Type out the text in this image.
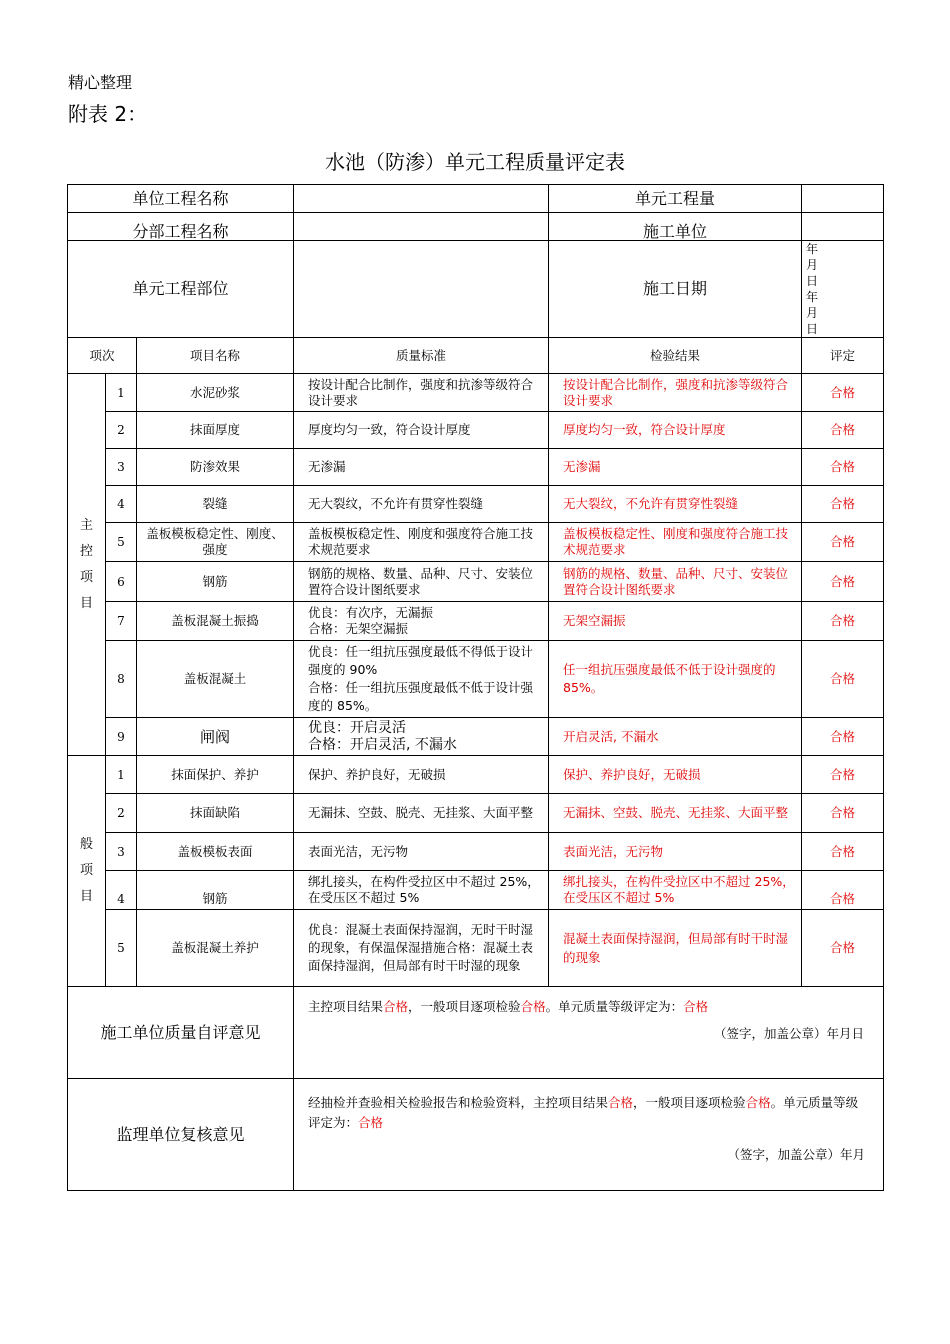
精心整理
附表 2：
水池（防渗）单元工程质量评定表
单位工程名称				单元工程量	
分部工程名称				施工单位	
单元工程部位				施工日期	年月日年月日
项次		项目名称	质量标准	检验结果	评定

主
控
项
目	1	水泥砂浆	按设计配合比制作，强度和抗渗等级符合设计要求	按设计配合比制作，强度和抗渗等级符合设计要求	合格
	2	抹面厚度	厚度均匀一致，符合设计厚度	厚度均匀一致，符合设计厚度	合格
	3	防渗效果	无渗漏	无渗漏	合格
	4	裂缝	无大裂纹，不允许有贯穿性裂缝	无大裂纹，不允许有贯穿性裂缝	合格
	5	盖板模板稳定性、刚度、强度	盖板模板稳定性、刚度和强度符合施工技术规范要求	盖板模板稳定性、刚度和强度符合施工技术规范要求	合格
	6	钢筋	钢筋的规格、数量、品种、尺寸、安装位置符合设计图纸要求	钢筋的规格、数量、品种、尺寸、安装位置符合设计图纸要求	合格
	7	盖板混凝土振捣	优良：有次序，无漏振
合格：无架空漏振	无架空漏振	合格
	8	盖板混凝土	优良：任一组抗压强度最低不得低于设计强度的 90%
合格：任一组抗压强度最低不低于设计强度的 85%。	任一组抗压强度最低不低于设计强度的 85%。	合格
	9	闸阀	优良：开启灵活
合格：开启灵活, 不漏水	开启灵活, 不漏水	合格

般
项
目	1	抹面保护、养护	保护、养护良好，无破损	保护、养护良好，无破损	合格
	2	抹面缺陷	无漏抹、空鼓、脱壳、无挂浆、大面平整	无漏抹、空鼓、脱壳、无挂浆、大面平整	合格
	3	盖板模板表面	表面光洁，无污物	表面光洁，无污物	合格
	4	钢筋	绑扎接头，在构件受拉区中不超过 25%，在受压区不超过 5%	绑扎接头，在构件受拉区中不超过 25%，在受压区不超过 5%	合格
	5	盖板混凝土养护	优良：混凝土表面保持湿润，无时干时湿的现象，有保温保湿措施合格：混凝土表面保持湿润，但局部有时干时湿的现象	混凝土表面保持湿润，但局部有时干时湿的现象	合格
施工单位质量自评意见			主控项目结果合格，一般项目逐项检验合格。单元质量等级评定为：合格
（签字，加盖公章）年月日		

监理单位复核意见			经抽检并查验相关检验报告和检验资料，主控项目结果合格，一般项目逐项检验合格。单元质量等级评定为：合格
（签字，加盖公章）年月		
